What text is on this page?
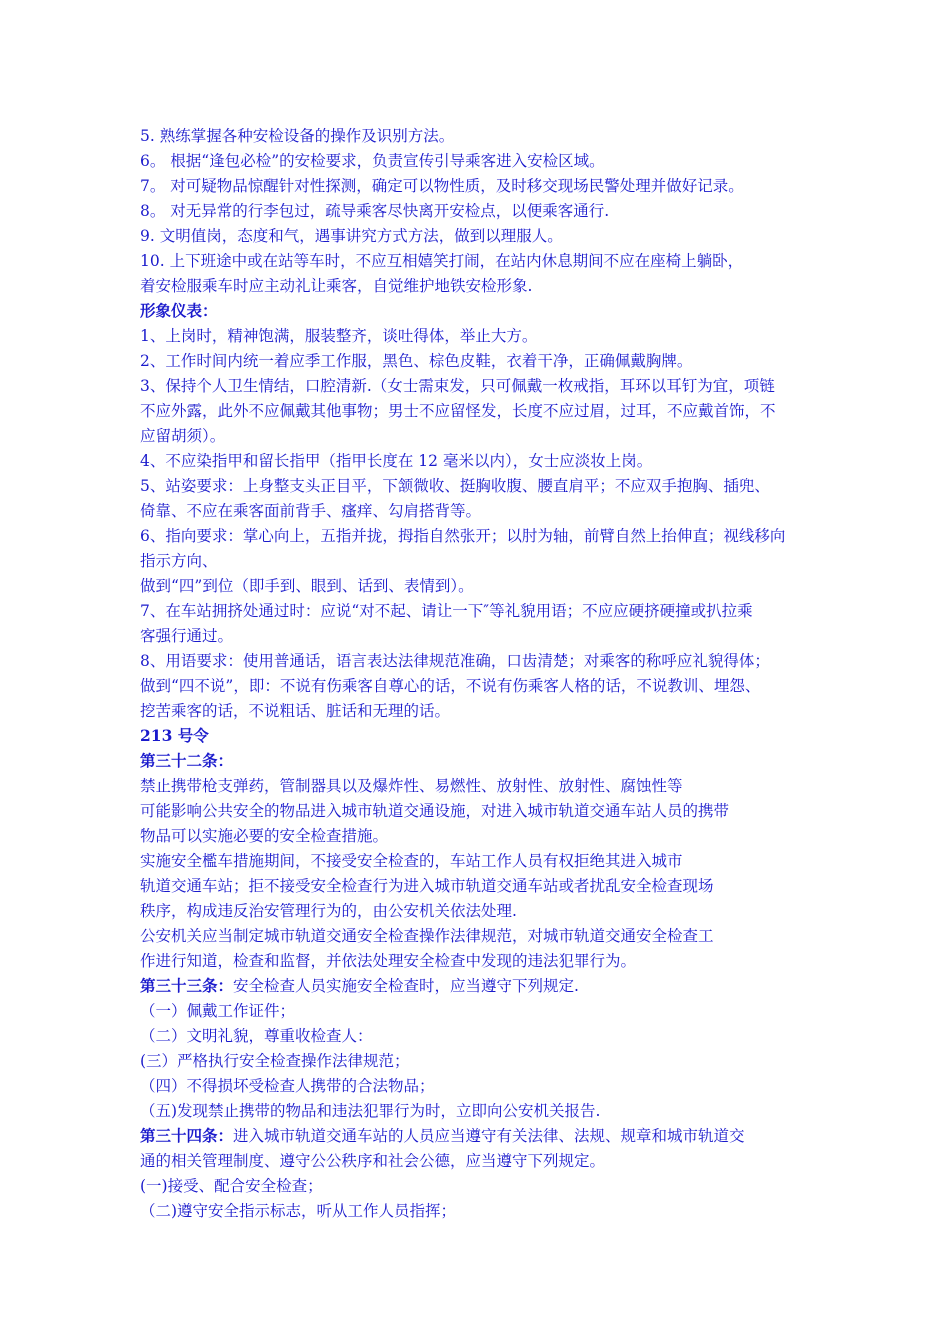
5. 熟练掌握各种安检设备的操作及识别方法。
6。 根据“逢包必检”的安检要求，负责宣传引导乘客进入安检区域。
7。 对可疑物品惊醒针对性探测，确定可以物性质，及时移交现场民警处理并做好记录。
8。 对无异常的行李包过，疏导乘客尽快离开安检点，以便乘客通行.
9. 文明值岗，态度和气，遇事讲究方式方法，做到以理服人。
10. 上下班途中或在站等车时，不应互相嬉笑打闹，在站内休息期间不应在座椅上躺卧，
着安检服乘车时应主动礼让乘客，自觉维护地铁安检形象.
形象仪表：
1、上岗时，精神饱满，服装整齐，谈吐得体，举止大方。
2、工作时间内统一着应季工作服，黑色、棕色皮鞋，衣着干净，正确佩戴胸牌。
3、保持个人卫生情结，口腔清新.（女士需束发，只可佩戴一枚戒指，耳环以耳钉为宜，项链
不应外露，此外不应佩戴其他事物；男士不应留怪发，长度不应过眉，过耳，不应戴首饰，不
应留胡须）。
4、不应染指甲和留长指甲（指甲长度在 12 毫米以内），女士应淡妆上岗。
5、站姿要求：上身整支头正目平，下颔微收、挺胸收腹、腰直肩平；不应双手抱胸、插兜、
倚靠、不应在乘客面前背手、瘙痒、勾肩搭背等。
6、指向要求：掌心向上，五指并拢，拇指自然张开；以肘为轴，前臂自然上抬伸直；视线移向
指示方向、
做到“四”到位（即手到、眼到、话到、表情到）。
7、在车站拥挤处通过时：应说“对不起、请让一下″等礼貌用语；不应应硬挤硬撞或扒拉乘
客强行通过。
8、用语要求：使用普通话，语言表达法律规范准确，口齿清楚；对乘客的称呼应礼貌得体；
做到“四不说”，即：不说有伤乘客自尊心的话，不说有伤乘客人格的话，不说教训、埋怨、
挖苦乘客的话，不说粗话、脏话和无理的话。
213 号令
第三十二条：
禁止携带枪支弹药，管制器具以及爆炸性、易燃性、放射性、放射性、腐蚀性等
可能影响公共安全的物品进入城市轨道交通设施，对进入城市轨道交通车站人员的携带
物品可以实施必要的安全检查措施。
实施安全檻车措施期间，不接受安全检查的，车站工作人员有权拒绝其进入城市
轨道交通车站；拒不接受安全检查行为进入城市轨道交通车站或者扰乱安全检查现场
秩序，构成违反治安管理行为的，由公安机关依法处理.
公安机关应当制定城市轨道交通安全检查操作法律规范，对城市轨道交通安全检查工
作进行知道，检查和监督，并依法处理安全检查中发现的违法犯罪行为。
第三十三条：安全检查人员实施安全检查时，应当遵守下列规定.
（一）佩戴工作证件；
（二）文明礼貌，尊重收检查人：
(三）严格执行安全检查操作法律规范；
（四）不得损坏受检查人携带的合法物品；
（五)发现禁止携带的物品和违法犯罪行为时，立即向公安机关报告.
第三十四条：进入城市轨道交通车站的人员应当遵守有关法律、法规、规章和城市轨道交
通的相关管理制度、遵守公公秩序和社会公德，应当遵守下列规定。
(一)接受、配合安全检查；
（二)遵守安全指示标志，听从工作人员指挥；
